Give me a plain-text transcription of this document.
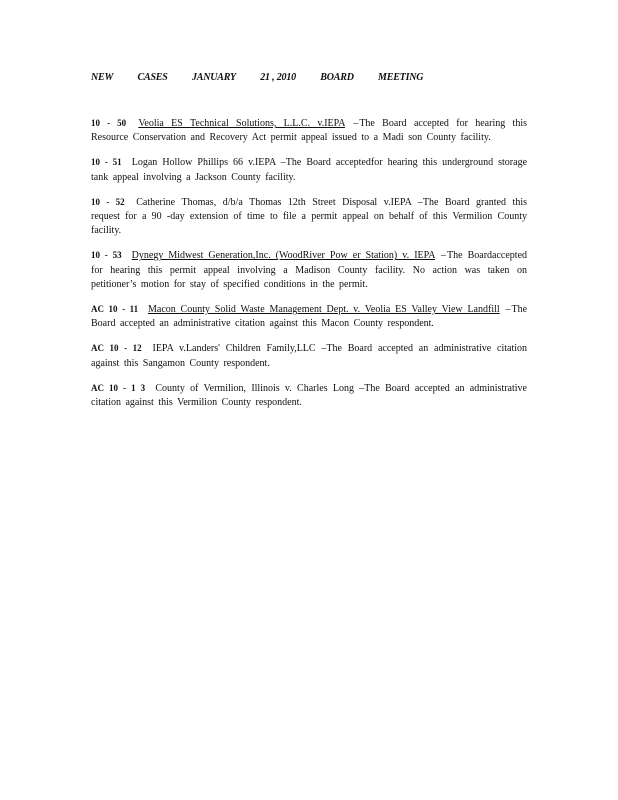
NEW CASES JANUARY 21 , 2010 BOARD MEETING

10 - 50 Veolia ES Technical Solutions, L.L.C. v.IEPA –The Board accepted for hearing this Resource Conservation and Recovery Act permit appeal issued to a Madi son County facility.

10 - 51 Logan Hollow Phillips 66 v.IEPA –The Board acceptedfor hearing this underground storage tank appeal involving a Jackson County facility.

10 - 52 Catherine Thomas, d/b/a Thomas 12th Street Disposal v.IEPA –The Board granted this request for a 90 -day extension of time to file a permit appeal on behalf of this Vermilion County facility.

10 - 53 Dynegy Midwest Generation,Inc. (WoodRiver Pow er Station) v. IEPA –The Boardaccepted for hearing this permit appeal involving a Madison County facility. No action was taken on petitioner’s motion for stay of specified conditions in the permit.

AC 10 - 11 Macon County Solid Waste Management Dept. v. Veolia ES Valley View Landfill –The Board accepted an administrative citation against this Macon County respondent.

AC 10 - 12 IEPA v.Landers' Children Family,LLC –The Board accepted an administrative citation against this Sangamon County respondent.

AC 10 - 1 3 County of Vermilion, Illinois v. Charles Long –The Board accepted an administrative citation against this Vermilion County respondent.
